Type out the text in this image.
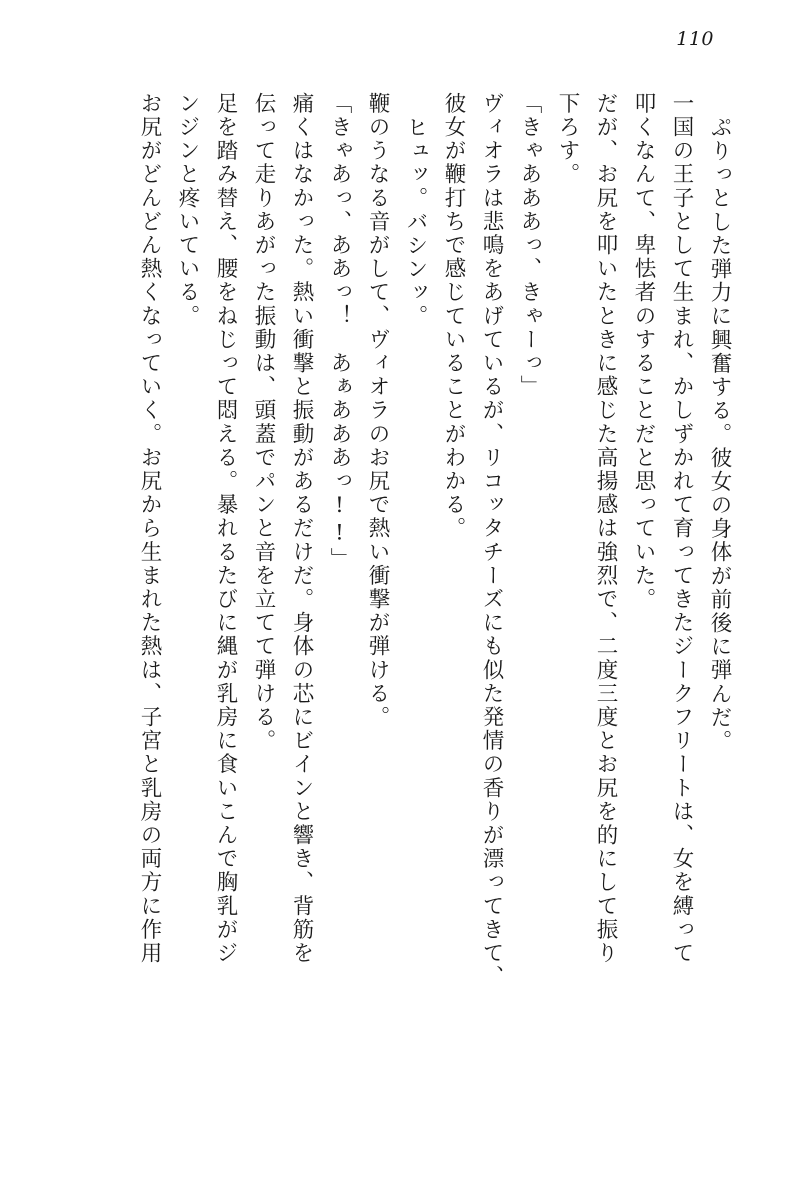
110
ぷりっとした弾力に興奮する。彼女の身体が前後に弾んだ。
一国の王子として生まれ、かしずかれて育ってきたジークフリートは、女を縛って
叩くなんて、卑怯者のすることだと思っていた。
だが、お尻を叩いたときに感じた高揚感は強烈で、二度三度とお尻を的にして振り
下ろす。
「きゃあああっ、きゃーっ」
ヴィオラは悲鳴をあげているが、リコッタチーズにも似た発情の香りが漂ってきて、
彼女が鞭打ちで感じていることがわかる。
ヒュッ。バシンッ。
鞭のうなる音がして、ヴィオラのお尻で熱い衝撃が弾ける。
「きゃあっ、ああっ！　あぁあああっ!!」
痛くはなかった。熱い衝撃と振動があるだけだ。身体の芯にビインと響き、背筋を
伝って走りあがった振動は、頭蓋でパンと音を立てて弾ける。
足を踏み替え、腰をねじって悶える。暴れるたびに縄が乳房に食いこんで胸乳がジ
ンジンと疼いている。
お尻がどんどん熱くなっていく。お尻から生まれた熱は、子宮と乳房の両方に作用
